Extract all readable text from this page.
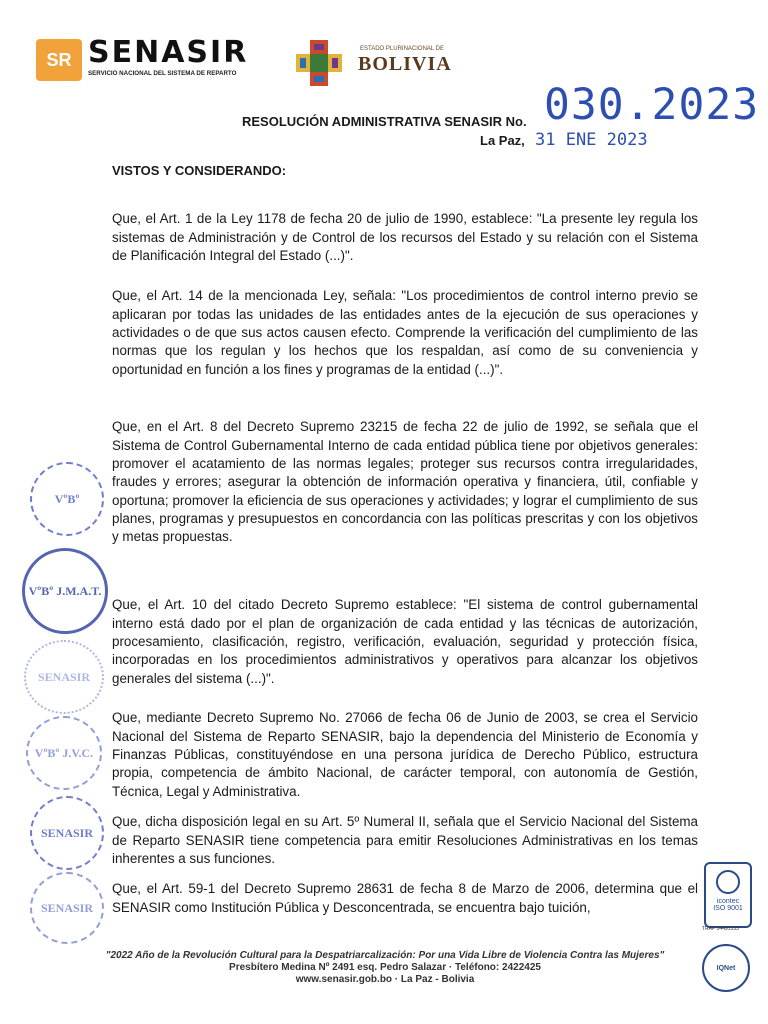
SR SENASIR
SERVICIO NACIONAL DEL SISTEMA DE REPARTO
ESTADO PLURINACIONAL DE
BOLIVIA
RESOLUCIÓN ADMINISTRATIVA SENASIR No. 030.2023
La Paz, 31 ENE 2023
VISTOS Y CONSIDERANDO:

Que, el Art. 1 de la Ley 1178 de fecha 20 de julio de 1990, establece: "La presente ley regula los sistemas de Administración y de Control de los recursos del Estado y su relación con el Sistema de Planificación Integral del Estado (...)".

Que, el Art. 14 de la mencionada Ley, señala: "Los procedimientos de control interno previo se aplicaran por todas las unidades de las entidades antes de la ejecución de sus operaciones y actividades o de que sus actos causen efecto. Comprende la verificación del cumplimiento de las normas que los regulan y los hechos que los respaldan, así como de su conveniencia y oportunidad en función a los fines y programas de la entidad (...)".

Que, en el Art. 8 del Decreto Supremo 23215 de fecha 22 de julio de 1992, se señala que el Sistema de Control Gubernamental Interno de cada entidad pública tiene por objetivos generales: promover el acatamiento de las normas legales; proteger sus recursos contra irregularidades, fraudes y errores; asegurar la obtención de información operativa y financiera, útil, confiable y oportuna; promover la eficiencia de sus operaciones y actividades; y lograr el cumplimiento de sus planes, programas y presupuestos en concordancia con las políticas prescritas y con los objetivos y metas propuestas.

Que, el Art. 10 del citado Decreto Supremo establece: "El sistema de control gubernamental interno está dado por el plan de organización de cada entidad y las técnicas de autorización, procesamiento, clasificación, registro, verificación, evaluación, seguridad y protección física, incorporadas en los procedimientos administrativos y operativos para alcanzar los objetivos generales del sistema (...)".

Que, mediante Decreto Supremo No. 27066 de fecha 06 de Junio de 2003, se crea el Servicio Nacional del Sistema de Reparto SENASIR, bajo la dependencia del Ministerio de Economía y Finanzas Públicas, constituyéndose en una persona jurídica de Derecho Público, estructura propia, competencia de ámbito Nacional, de carácter temporal, con autonomía de Gestión, Técnica, Legal y Administrativa.

Que, dicha disposición legal en su Art. 5º Numeral II, señala que el Servicio Nacional del Sistema de Reparto SENASIR tiene competencia para emitir Resoluciones Administrativas en los temas inherentes a sus funciones.

Que, el Art. 59-1 del Decreto Supremo 28631 de fecha 8 de Marzo de 2006, determina que el SENASIR como Institución Pública y Desconcentrada, se encuentra bajo tuición,

VºBº
VºBº J.M.A.T.
SENASIR
VºBº J.V.C.
SENASIR
SENASIR	icontec
ISO 9001
TRAP 04491553
IQNet
"2022 Año de la Revolución Cultural para la Despatriarcalización: Por una Vida Libre de Violencia Contra las Mujeres"
Presbítero Medina Nº 2491 esq. Pedro Salazar · Teléfono: 2422425
www.senasir.gob.bo · La Paz - Bolivia
